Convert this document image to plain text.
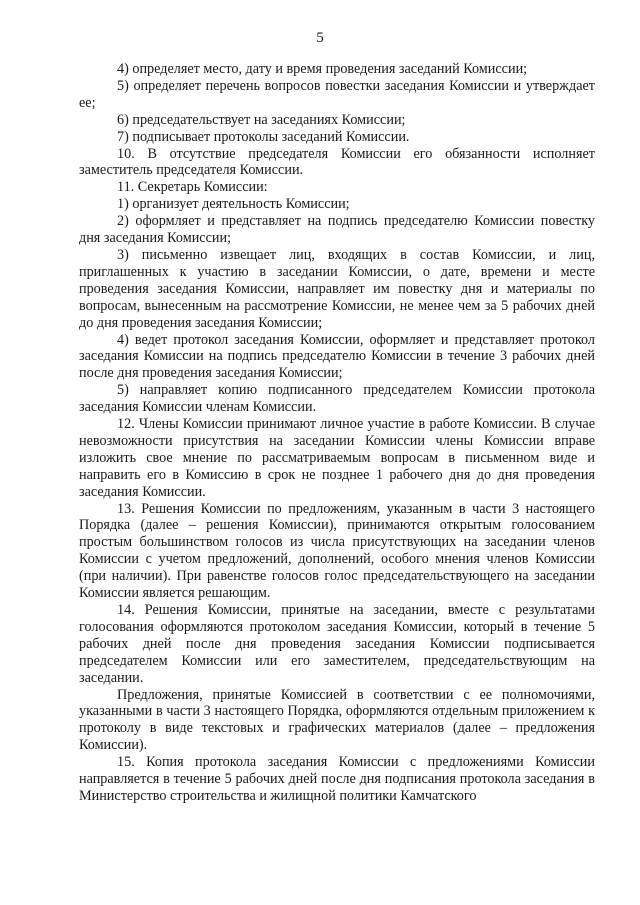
5

4) определяет место, дату и время проведения заседаний Комиссии;

5) определяет перечень вопросов повестки заседания Комиссии и утверждает ее;

6) председательствует на заседаниях Комиссии;

7) подписывает протоколы заседаний Комиссии.

10. В отсутствие председателя Комиссии его обязанности исполняет заместитель председателя Комиссии.

11. Секретарь Комиссии:

1) организует деятельность Комиссии;

2) оформляет и представляет на подпись председателю Комиссии повестку дня заседания Комиссии;

3) письменно извещает лиц, входящих в состав Комиссии, и лиц, приглашенных к участию в заседании Комиссии, о дате, времени и месте проведения заседания Комиссии, направляет им повестку дня и материалы по вопросам, вынесенным на рассмотрение Комиссии, не менее чем за 5 рабочих дней до дня проведения заседания Комиссии;

4) ведет протокол заседания Комиссии, оформляет и представляет протокол заседания Комиссии на подпись председателю Комиссии в течение 3 рабочих дней после дня проведения заседания Комиссии;

5) направляет копию подписанного председателем Комиссии протокола заседания Комиссии членам Комиссии.

12. Члены Комиссии принимают личное участие в работе Комиссии. В случае невозможности присутствия на заседании Комиссии члены Комиссии вправе изложить свое мнение по рассматриваемым вопросам в письменном виде и направить его в Комиссию в срок не позднее 1 рабочего дня до дня проведения заседания Комиссии.

13. Решения Комиссии по предложениям, указанным в части 3 настоящего Порядка (далее – решения Комиссии), принимаются открытым голосованием простым большинством голосов из числа присутствующих на заседании членов Комиссии с учетом предложений, дополнений, особого мнения членов Комиссии (при наличии). При равенстве голосов голос председательствующего на заседании Комиссии является решающим.

14. Решения Комиссии, принятые на заседании, вместе с результатами голосования оформляются протоколом заседания Комиссии, который в течение 5 рабочих дней после дня проведения заседания Комиссии подписывается председателем Комиссии или его заместителем, председательствующим на заседании.

Предложения, принятые Комиссией в соответствии с ее полномочиями, указанными в части 3 настоящего Порядка, оформляются отдельным приложением к протоколу в виде текстовых и графических материалов (далее – предложения Комиссии).

15. Копия протокола заседания Комиссии с предложениями Комиссии направляется в течение 5 рабочих дней после дня подписания протокола заседания в Министерство строительства и жилищной политики Камчатского
